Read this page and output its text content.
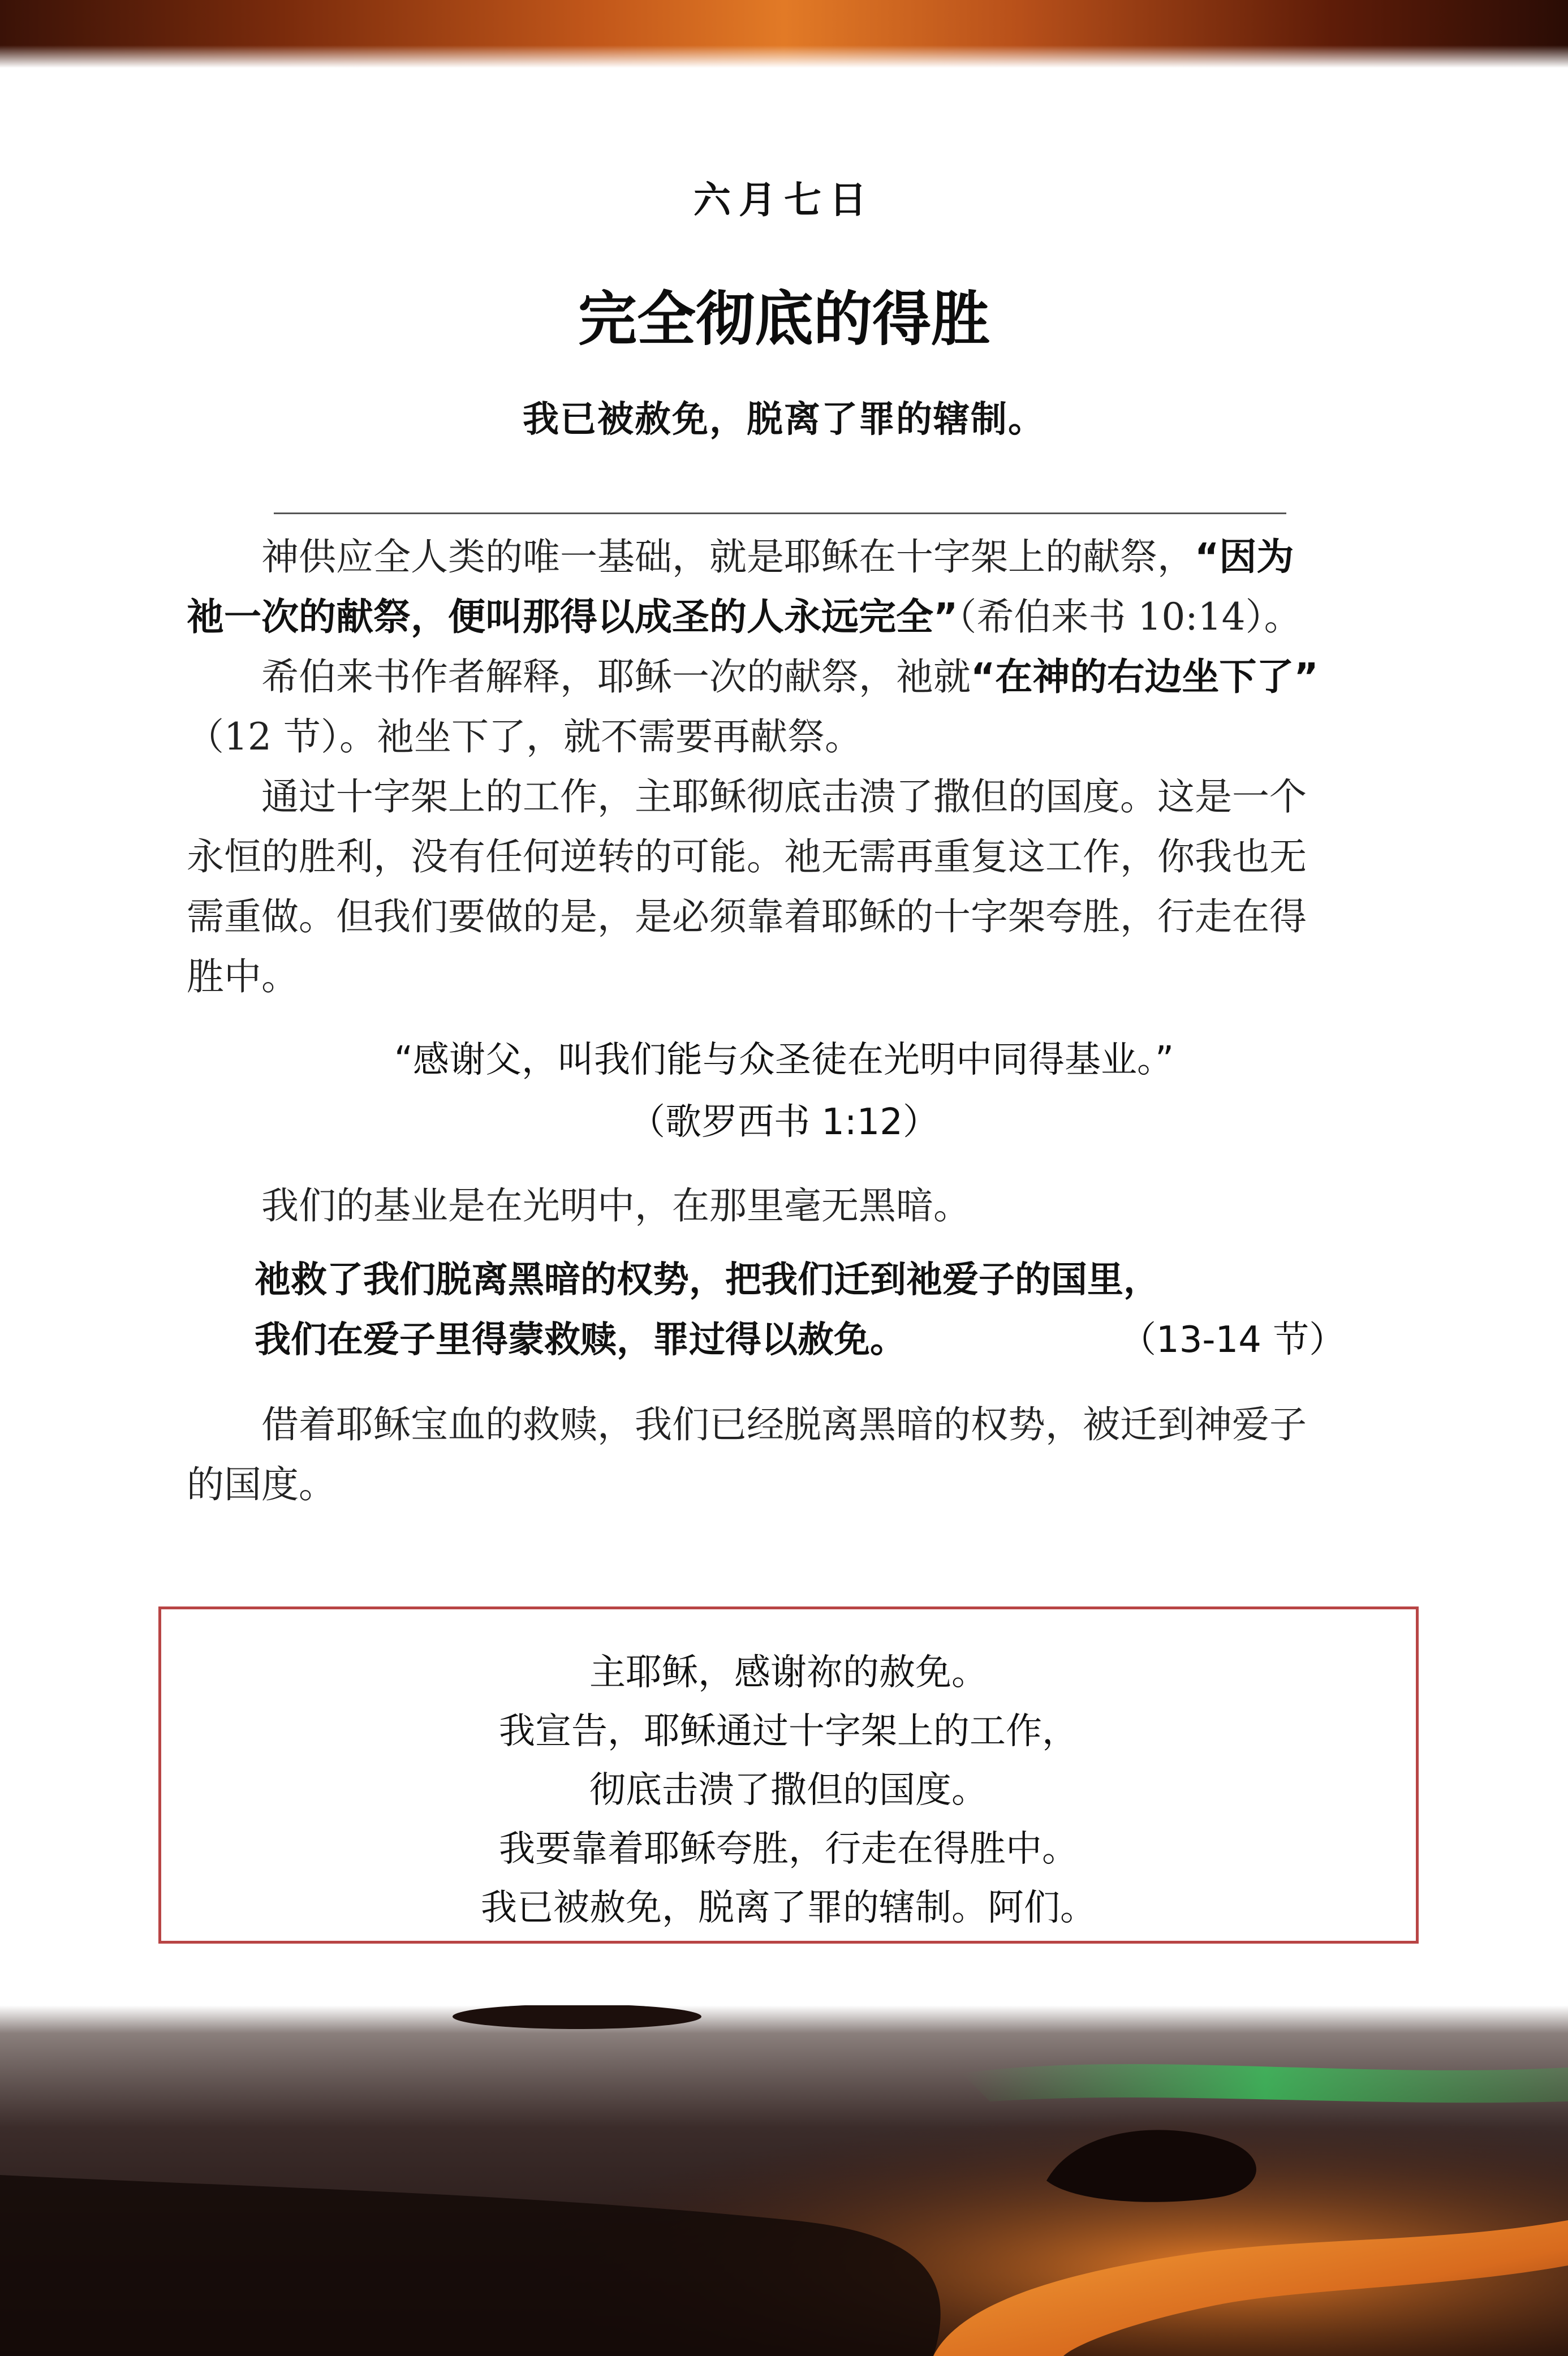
六月七日
完全彻底的得胜
我已被赦免，脱离了罪的辖制。

神供应全人类的唯一基础，就是耶稣在十字架上的献祭，“因为
祂一次的献祭，便叫那得以成圣的人永远完全”（希伯来书 10:14）。

希伯来书作者解释，耶稣一次的献祭，祂就“在神的右边坐下了”
（12 节）。祂坐下了，就不需要再献祭。

通过十字架上的工作，主耶稣彻底击溃了撒但的国度。这是一个
永恒的胜利，没有任何逆转的可能。祂无需再重复这工作，你我也无
需重做。但我们要做的是，是必须靠着耶稣的十字架夸胜，行走在得
胜中。
“感谢父，叫我们能与众圣徒在光明中同得基业。”
（歌罗西书 1:12）
我们的基业是在光明中，在那里毫无黑暗。
祂救了我们脱离黑暗的权势，把我们迁到祂爱子的国里，
我们在爱子里得蒙救赎，罪过得以赦免。	（13-14 节）
借着耶稣宝血的救赎，我们已经脱离黑暗的权势，被迁到神爱子
的国度。
主耶稣，感谢祢的赦免。
我宣告，耶稣通过十字架上的工作，
彻底击溃了撒但的国度。
我要靠着耶稣夸胜，行走在得胜中。
我已被赦免，脱离了罪的辖制。阿们。
